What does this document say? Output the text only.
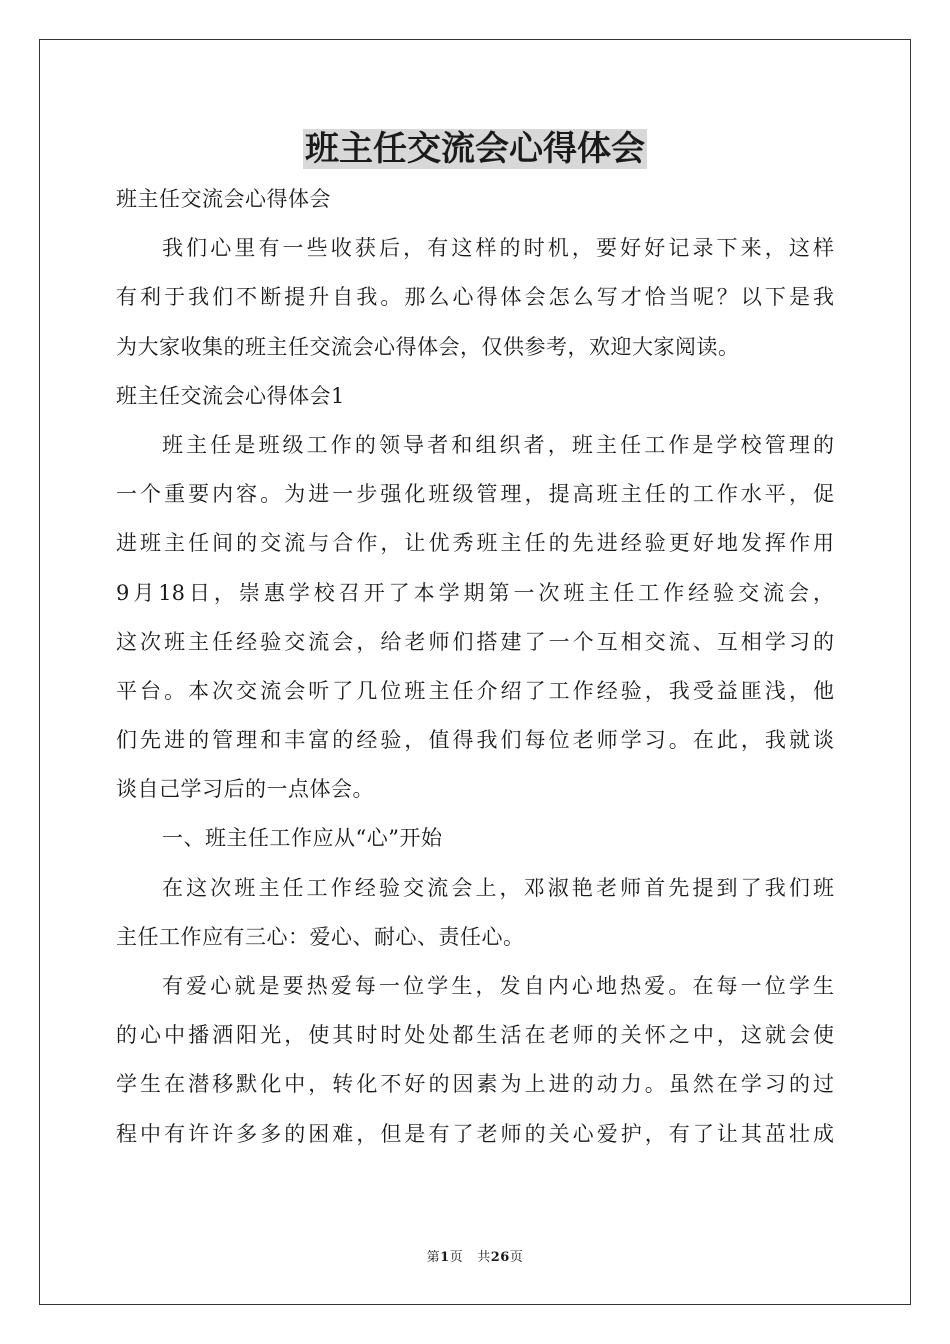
班主任交流会心得体会

班主任交流会心得体会

我们心里有一些收获后，有这样的时机，要好好记录下来，这样

有利于我们不断提升自我。那么心得体会怎么写才恰当呢？以下是我

为大家收集的班主任交流会心得体会，仅供参考，欢迎大家阅读。

班主任交流会心得体会1

班主任是班级工作的领导者和组织者，班主任工作是学校管理的

一个重要内容。为进一步强化班级管理，提高班主任的工作水平，促

进班主任间的交流与合作，让优秀班主任的先进经验更好地发挥作用

9月18日，崇惠学校召开了本学期第一次班主任工作经验交流会，

这次班主任经验交流会，给老师们搭建了一个互相交流、互相学习的

平台。本次交流会听了几位班主任介绍了工作经验，我受益匪浅，他

们先进的管理和丰富的经验，值得我们每位老师学习。在此，我就谈

谈自己学习后的一点体会。

一、班主任工作应从“心”开始

在这次班主任工作经验交流会上，邓淑艳老师首先提到了我们班

主任工作应有三心：爱心、耐心、责任心。

有爱心就是要热爱每一位学生，发自内心地热爱。在每一位学生

的心中播洒阳光，使其时时处处都生活在老师的关怀之中，这就会使

学生在潜移默化中，转化不好的因素为上进的动力。虽然在学习的过

程中有许许多多的困难，但是有了老师的关心爱护，有了让其茁壮成

第1页 共26页
